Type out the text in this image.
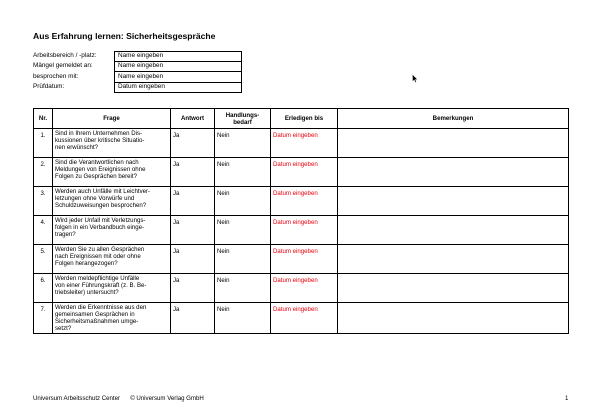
Aus Erfahrung lernen: Sicherheitsgespräche
Arbeitsbereich / -platz:	Name eingeben
Mängel gemeldet an:	Name eingeben
besprochen mit:	Name eingeben
Prüfdatum:	Datum eingeben
Nr.	Frage	Antwort	Handlungs-
bedarf	Erledigen bis	Bemerkungen
1.	Sind in Ihrem Unternehmen Dis-
kussionen über kritische Situatio-
nen erwünscht?	Ja	Nein	Datum eingeben	
2.	Sind die Verantwortlichen nach
Meldungen von Ereignissen ohne
Folgen zu Gesprächen bereit?	Ja	Nein	Datum eingeben	
3.	Werden auch Unfälle mit Leichtver-
letzungen ohne Vorwürfe und
Schuldzuweisungen besprochen?	Ja	Nein	Datum eingeben	
4.	Wird jeder Unfall mit Verletzungs-
folgen in ein Verbandbuch einge-
tragen?	Ja	Nein	Datum eingeben	
5.	Werden Sie zu allen Gesprächen
nach Ereignissen mit oder ohne
Folgen herangezogen?	Ja	Nein	Datum eingeben	
6.	Werden meldepflichtige Unfälle
von einer Führungskraft (z. B. Be-
triebsleiter) untersucht?	Ja	Nein	Datum eingeben	
7.	Werden die Erkenntnisse aus den
gemeinsamen Gesprächen in
Sicherheitsmaßnahmen umge-
setzt?	Ja	Nein	Datum eingeben	
Universum Arbeitsschutz Center      © Universum Verlag GmbH	1
